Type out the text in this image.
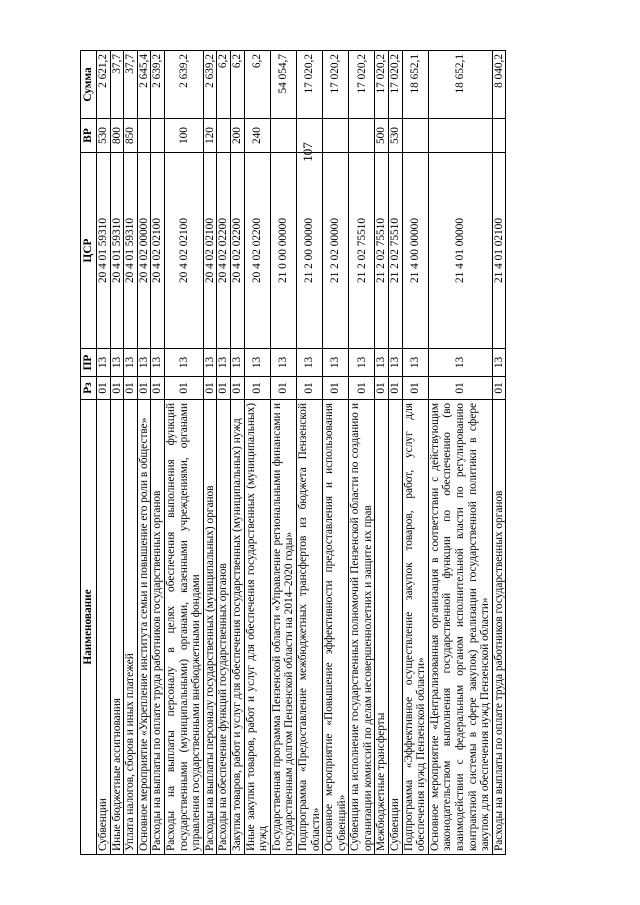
107
Наименование	Рз	ПР	ЦСР	ВР	Сумма
Субвенции	01	13	20 4 01 59310	530	2 621,2
Иные бюджетные ассигнования	01	13	20 4 01 59310	800	37,7
Уплата налогов, сборов и иных платежей	01	13	20 4 01 59310	850	37,7
Основное мероприятие «Укрепление института семьи и повышение его роли в обществе»	01	13	20 4 02 00000		2 645,4
Расходы на выплаты по оплате труда работников государственных органов	01	13	20 4 02 02100		2 639,2
Расходы на выплаты персоналу в целях обеспечения выполнения функций государственными (муниципальными) органами, казенными учреждениями, органами управления государственными внебюджетными фондами	01	13	20 4 02 02100	100	2 639,2
Расходы на выплаты персоналу государственных (муниципальных) органов	01	13	20 4 02 02100	120	2 639,2
Расходы на обеспечение функций государственных органов	01	13	20 4 02 02200		6,2
Закупка товаров, работ и услуг для обеспечения государственных (муниципальных) нужд	01	13	20 4 02 02200	200	6,2
Иные закупки товаров, работ и услуг для обеспечения государственных (муниципальных) нужд	01	13	20 4 02 02200	240	6,2
Государственная программа Пензенской области «Управление региональными финансами и государственным долгом Пензенской области на 2014–2020 годы»	01	13	21 0 00 00000		54 054,7
Подпрограмма «Предоставление межбюджетных трансфертов из бюджета Пензенской области»	01	13	21 2 00 00000		17 020,2
Основное мероприятие «Повышение эффективности предоставления и использования субвенций»	01	13	21 2 02 00000		17 020,2
Субвенции на исполнение государственных полномочий Пензенской области по созданию и организации комиссий по делам несовершеннолетних и защите их прав	01	13	21 2 02 75510		17 020,2
Межбюджетные трансферты	01	13	21 2 02 75510	500	17 020,2
Субвенции	01	13	21 2 02 75510	530	17 020,2
Подпрограмма «Эффективное осуществление закупок товаров, работ, услуг для обеспечения нужд Пензенской области»	01	13	21 4 00 00000		18 652,1
Основное мероприятие «Централизованная организация в соответствии с действующим законодательством выполнения государственной функции по обеспечению (во взаимодействии с федеральным органом исполнительной власти по регулированию контрактной системы в сфере закупок) реализации государственной политики в сфере закупок для обеспечения нужд Пензенской области»	01	13	21 4 01 00000		18 652,1
Расходы на выплаты по оплате труда работников государственных органов	01	13	21 4 01 02100		8 040,2
